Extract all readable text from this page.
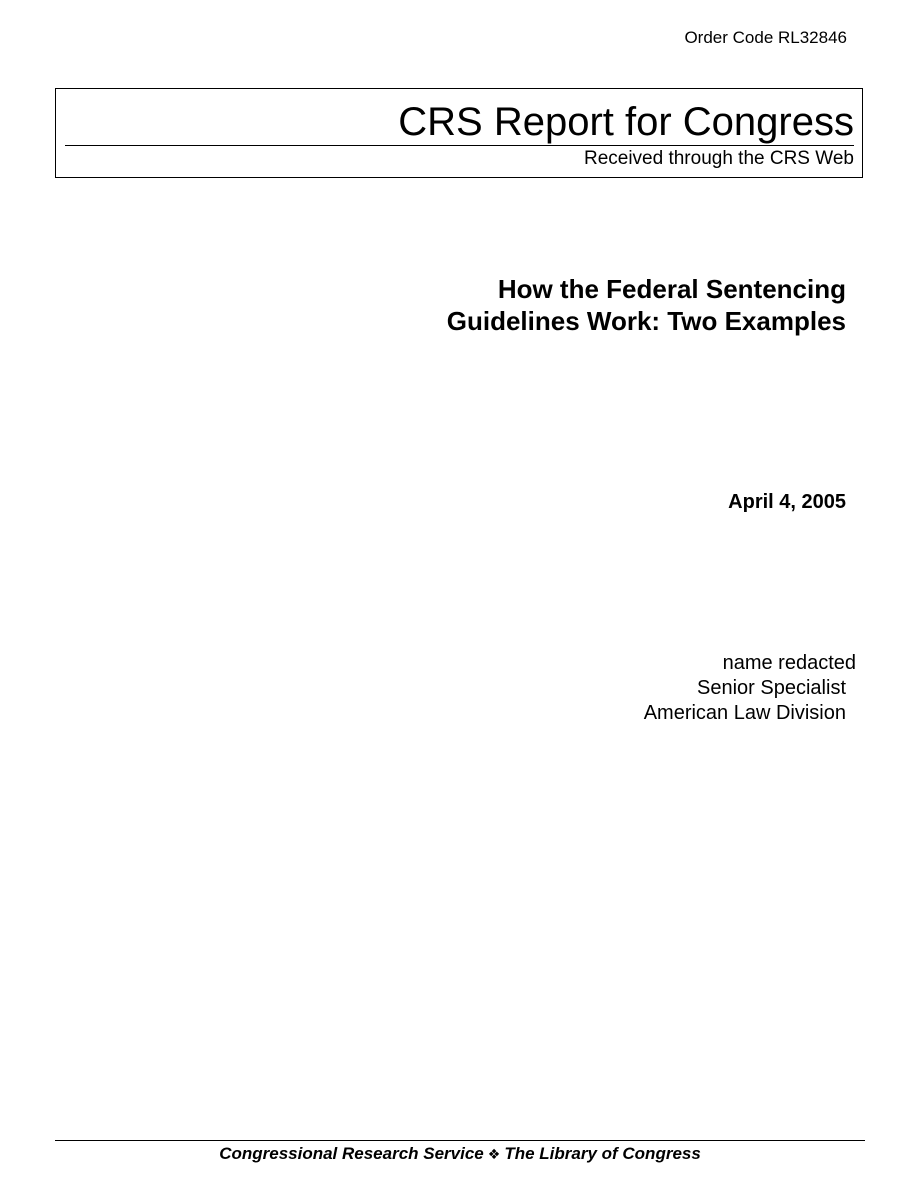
Order Code RL32846
CRS Report for Congress
Received through the CRS Web
How the Federal Sentencing
Guidelines Work: Two Examples
April 4, 2005
name redacted
Senior Specialist
American Law Division
Congressional Research Service ❖ The Library of Congress
